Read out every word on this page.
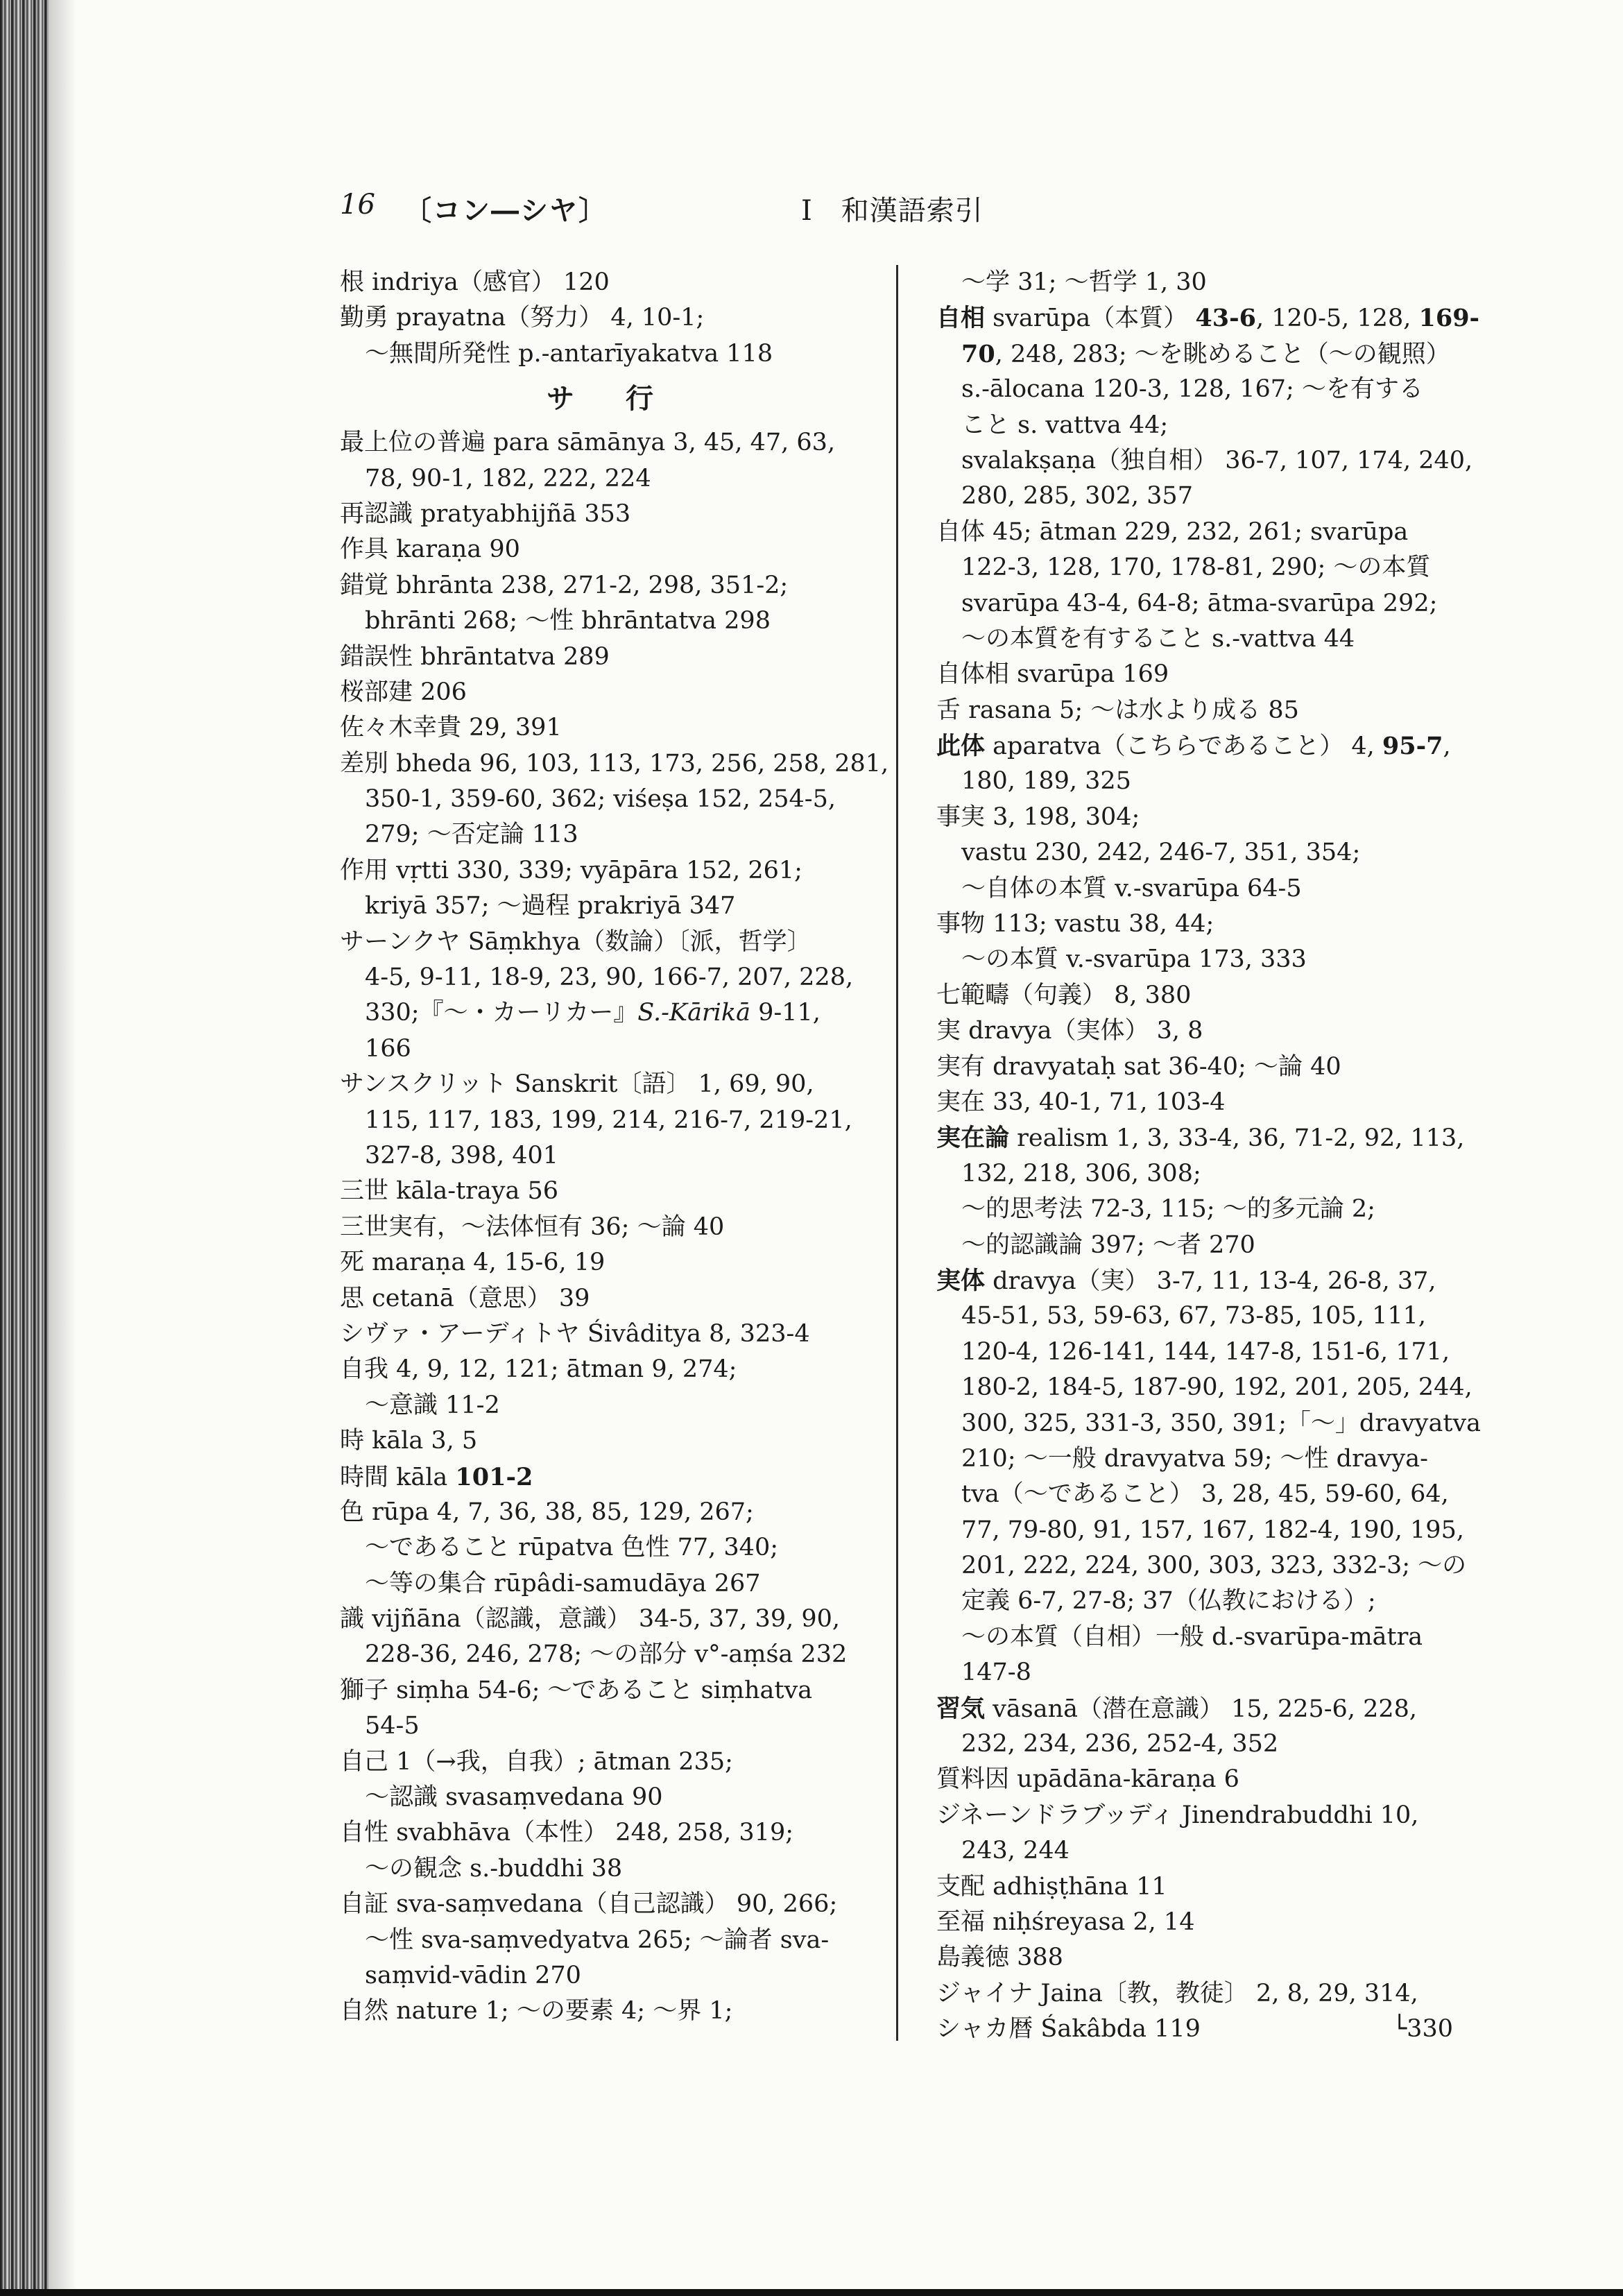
16 〔コン―シヤ〕	Ⅰ　和漢語索引
根 indriya（感官） 120
勤勇 prayatna（努力） 4, 10-1;
～無間所発性 p.-antarīyakatva 118
サ 行
最上位の普遍 para sāmānya 3, 45, 47, 63,
78, 90-1, 182, 222, 224
再認識 pratyabhijñā 353
作具 karaṇa 90
錯覚 bhrānta 238, 271-2, 298, 351-2;
bhrānti 268; ～性 bhrāntatva 298
錯誤性 bhrāntatva 289
桜部建 206
佐々木幸貴 29, 391
差別 bheda 96, 103, 113, 173, 256, 258, 281,
350-1, 359-60, 362; viśeṣa 152, 254-5,
279; ～否定論 113
作用 vṛtti 330, 339; vyāpāra 152, 261;
kriyā 357; ～過程 prakriyā 347
サーンクヤ Sāṃkhya（数論）〔派，哲学〕
4-5, 9-11, 18-9, 23, 90, 166-7, 207, 228,
330;『～・カーリカー』S.-Kārikā 9-11,
166
サンスクリット Sanskrit〔語〕 1, 69, 90,
115, 117, 183, 199, 214, 216-7, 219-21,
327-8, 398, 401
三世 kāla-traya 56
三世実有，～法体恒有 36; ～論 40
死 maraṇa 4, 15-6, 19
思 cetanā（意思） 39
シヴァ・アーディトヤ Śivâditya 8, 323-4
自我 4, 9, 12, 121; ātman 9, 274;
～意識 11-2
時 kāla 3, 5
時間 kāla 101-2
色 rūpa 4, 7, 36, 38, 85, 129, 267;
～であること rūpatva 色性 77, 340;
～等の集合 rūpâdi-samudāya 267
識 vijñāna（認識，意識） 34-5, 37, 39, 90,
228-36, 246, 278; ～の部分 v°-aṃśa 232
獅子 siṃha 54-6; ～であること siṃhatva
54-5
自己 1（→我，自我）; ātman 235;
～認識 svasaṃvedana 90
自性 svabhāva（本性） 248, 258, 319;
～の観念 s.-buddhi 38
自証 sva-saṃvedana（自己認識） 90, 266;
～性 sva-saṃvedyatva 265; ～論者 sva-
saṃvid-vādin 270
自然 nature 1; ～の要素 4; ～界 1;
～学 31; ～哲学 1, 30
自相 svarūpa（本質） 43-6, 120-5, 128, 169-
70, 248, 283; ～を眺めること（～の観照）
s.-ālocana 120-3, 128, 167; ～を有する
こと s. vattva 44;
svalakṣaṇa（独自相） 36-7, 107, 174, 240,
280, 285, 302, 357
自体 45; ātman 229, 232, 261; svarūpa
122-3, 128, 170, 178-81, 290; ～の本質
svarūpa 43-4, 64-8; ātma-svarūpa 292;
～の本質を有すること s.-vattva 44
自体相 svarūpa 169
舌 rasana 5; ～は水より成る 85
此体 aparatva（こちらであること） 4, 95-7,
180, 189, 325
事実 3, 198, 304;
vastu 230, 242, 246-7, 351, 354;
～自体の本質 v.-svarūpa 64-5
事物 113; vastu 38, 44;
～の本質 v.-svarūpa 173, 333
七範疇（句義） 8, 380
実 dravya（実体） 3, 8
実有 dravyataḥ sat 36-40; ～論 40
実在 33, 40-1, 71, 103-4
実在論 realism 1, 3, 33-4, 36, 71-2, 92, 113,
132, 218, 306, 308;
～的思考法 72-3, 115; ～的多元論 2;
～的認識論 397; ～者 270
実体 dravya（実） 3-7, 11, 13-4, 26-8, 37,
45-51, 53, 59-63, 67, 73-85, 105, 111,
120-4, 126-141, 144, 147-8, 151-6, 171,
180-2, 184-5, 187-90, 192, 201, 205, 244,
300, 325, 331-3, 350, 391;「～」dravyatva
210; ～一般 dravyatva 59; ～性 dravya-
tva（～であること） 3, 28, 45, 59-60, 64,
77, 79-80, 91, 157, 167, 182-4, 190, 195,
201, 222, 224, 300, 303, 323, 332-3; ～の
定義 6-7, 27-8; 37（仏教における）;
～の本質（自相）一般 d.-svarūpa-mātra
147-8
習気 vāsanā（潜在意識） 15, 225-6, 228,
232, 234, 236, 252-4, 352
質料因 upādāna-kāraṇa 6
ジネーンドラブッディ Jinendrabuddhi 10,
243, 244
支配 adhiṣṭhāna 11
至福 niḥśreyasa 2, 14
島義徳 388
ジャイナ Jaina〔教，教徒〕 2, 8, 29, 314,
シャカ暦 Śakâbda 119	└330
